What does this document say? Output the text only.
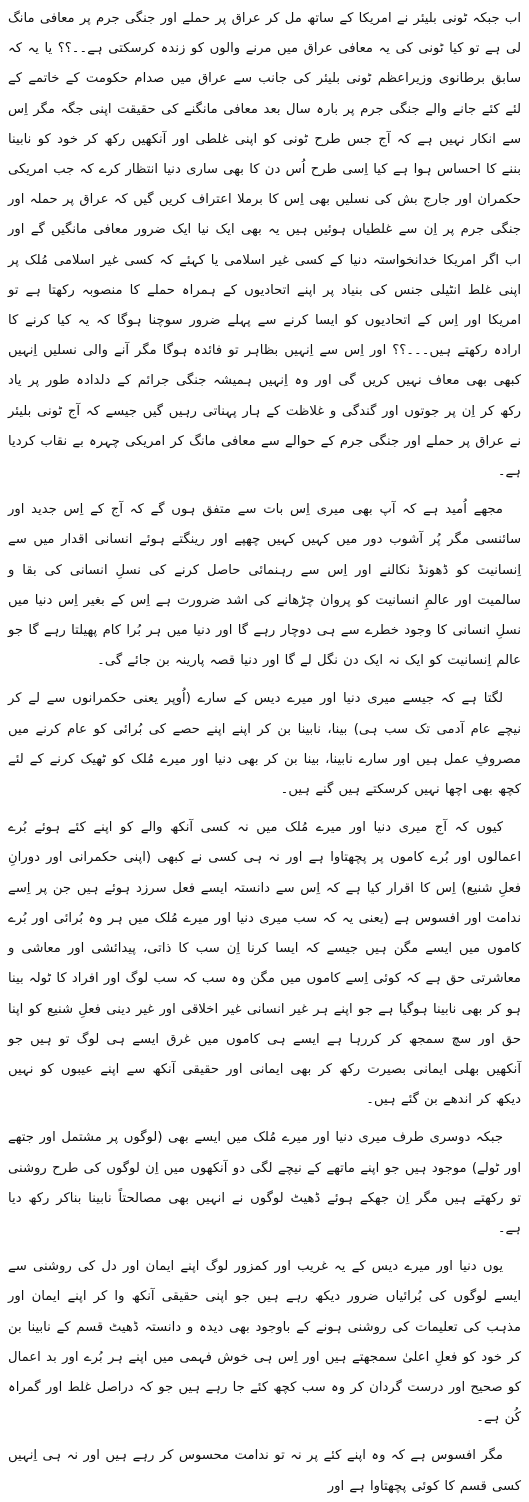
اب جبکہ ٹونی بلیئر نے امریکا کے ساتھ مل کر عراق پر حملے اور جنگی جرم پر معافی مانگ لی ہے تو کیا ٹونی کی یہ معافی عراق میں مرنے والوں کو زندہ کرسکتی ہے۔۔؟؟ یا یہ کہ سابق برطانوی وزیراعظم ٹونی بلیئر کی جانب سے عراق میں صدام حکومت کے خاتمے کے لئے کئے جانے والے جنگی جرم پر بارہ سال بعد معافی مانگنے کی حقیقت اپنی جگہ مگر اِس سے انکار نہیں ہے کہ آج جس طرح ٹونی کو اپنی غلطی اور آنکھیں رکھ کر خود کو نابینا بننے کا احساس ہوا ہے کیا اِسی طرح اُس دن کا بھی ساری دنیا انتظار کرے کہ جب امریکی حکمران اور جارج بش کی نسلیں بھی اِس کا برملا اعتراف کریں گیں کہ عراق پر حملہ اور جنگی جرم پر اِن سے غلطیاں ہوئیں ہیں یہ بھی ایک نیا ایک ضرور معافی مانگیں گے اور اب اگر امریکا خدانخواستہ دنیا کے کسی غیر اسلامی یا کہئے کہ کسی غیر اسلامی مُلک پر اپنی غلط انٹیلی جنس کی بنیاد پر اپنے اتحادیوں کے ہمراہ حملے کا منصوبہ رکھتا ہے تو امریکا اور اِس کے اتحادیوں کو ایسا کرنے سے پہلے ضرور سوچنا ہوگا کہ یہ کیا کرنے کا ارادہ رکھتے ہیں۔۔۔؟؟ اور اِس سے اِنہیں بظاہر تو فائدہ ہوگا مگر آنے والی نسلیں اِنہیں کبھی بھی معاف نہیں کریں گی اور وہ اِنہیں ہمیشہ جنگی جرائم کے دلدادہ طور پر یاد رکھ کر اِن پر جوتوں اور گندگی و غلاظت کے ہار پہناتی رہیں گیں جیسے کہ آج ٹونی بلیئر نے عراق پر حملے اور جنگی جرم کے حوالے سے معافی مانگ کر امریکی چہرہ بے نقاب کردیا ہے۔

مجھے اُمید ہے کہ آپ بھی میری اِس بات سے متفق ہوں گے کہ آج کے اِس جدید اور سائنسی مگر پُر آشوب دور میں کہیں کہیں چھپے اور رینگتے ہوئے انسانی اقدار میں سے اِنسانیت کو ڈھونڈ نکالنے اور اِس سے رہنمائی حاصل کرنے کی نسلِ انسانی کی بقا و سالمیت اور عالمِ انسانیت کو پروان چڑھانے کی اشد ضرورت ہے اِس کے بغیر اِس دنیا میں نسلِ انسانی کا وجود خطرے سے ہی دوچار رہے گا اور دنیا میں ہر بُرا کام پھیلتا رہے گا جو عالم اِنسانیت کو ایک نہ ایک دن نگل لے گا اور دنیا قصہ پارینہ بن جائے گی۔

لگتا ہے کہ جیسے میری دنیا اور میرے دیس کے سارے (اُوپر یعنی حکمرانوں سے لے کر نیچے عام آدمی تک سب ہی) بینا، نابینا بن کر اپنے اپنے حصے کی بُرائی کو عام کرنے میں مصروفِ عمل ہیں اور سارے نابینا، بینا بن کر بھی دنیا اور میرے مُلک کو ٹھیک کرنے کے لئے کچھ بھی اچھا نہیں کرسکتے ہیں گنے ہیں۔

کیوں کہ آج میری دنیا اور میرے مُلک میں نہ کسی آنکھ والے کو اپنے کئے ہوئے بُرے اعمالوں اور بُرے کاموں پر پچھتاوا ہے اور نہ ہی کسی نے کبھی (اپنی حکمرانی اور دورانِ فعلِ شنیع) اِس کا اقرار کیا ہے کہ اِس سے دانستہ ایسے فعل سرزد ہوئے ہیں جن پر اِسے ندامت اور افسوس ہے (یعنی یہ کہ سب میری دنیا اور میرے مُلک میں ہر وہ بُرائی اور بُرے کاموں میں ایسے مگن ہیں جیسے کہ ایسا کرنا اِن سب کا ذاتی، پیدائشی اور معاشی و معاشرتی حق ہے کہ کوئی اِسے کاموں میں مگن وہ سب کہ سب لوگ اور افراد کا ٹولہ بینا ہو کر بھی نابینا ہوگیا ہے جو اپنے ہر غیر انسانی غیر اخلاقی اور غیر دینی فعلِ شنیع کو اپنا حق اور سچ سمجھ کر کررہا ہے ایسے ہی کاموں میں غرق ایسے ہی لوگ تو ہیں جو آنکھیں بھلی ایمانی بصیرت رکھ کر بھی ایمانی اور حقیقی آنکھ سے اپنے عیبوں کو نہیں دیکھ کر اندھے بن گئے ہیں۔

جبکہ دوسری طرف میری دنیا اور میرے مُلک میں ایسے بھی (لوگوں پر مشتمل اور جتھے اور ٹولے) موجود ہیں جو اپنے ماتھے کے نیچے لگی دو آنکھوں میں اِن لوگوں کی طرح روشنی تو رکھتے ہیں مگر اِن جھکے ہوئے ڈھیٹ لوگوں نے انہیں بھی مصالحتاً نابینا بناکر رکھ دیا ہے۔

یوں دنیا اور میرے دیس کے یہ غریب اور کمزور لوگ اپنے ایمان اور دل کی روشنی سے ایسے لوگوں کی بُرائیاں ضرور دیکھ رہے ہیں جو اپنی حقیقی آنکھ وا کر اپنے ایمان اور مذہب کی تعلیمات کی روشنی ہونے کے باوجود بھی دیدہ و دانستہ ڈھیٹ قسم کے نابینا بن کر خود کو فعلِ اعلیٰ سمجھتے ہیں اور اِس ہی خوش فہمی میں اپنے ہر بُرے اور بد اعمال کو صحیح اور درست گردان کر وہ سب کچھ کئے جا رہے ہیں جو کہ دراصل غلط اور گمراہ کُن ہے۔

مگر افسوس ہے کہ وہ اپنے کئے پر نہ تو ندامت محسوس کر رہے ہیں اور نہ ہی اِنہیں کسی قسم کا کوئی پچھتاوا ہے اور
